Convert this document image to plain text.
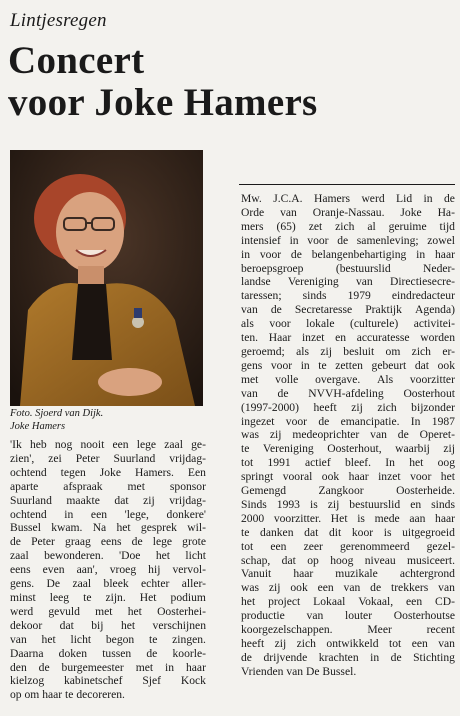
Lintjesregen
Concert
voor Joke Hamers
Foto. Sjoerd van Dijk.
Joke Hamers
'Ik heb nog nooit een lege zaal ge-
zien', zei Peter Suurland vrijdag-
ochtend tegen Joke Hamers. Een
aparte afspraak met sponsor
Suurland maakte dat zij vrijdag-
ochtend in een 'lege, donkere'
Bussel kwam. Na het gesprek wil-
de Peter graag eens de lege grote
zaal bewonderen. 'Doe het licht
eens even aan', vroeg hij vervol-
gens. De zaal bleek echter aller-
minst leeg te zijn. Het podium
werd gevuld met het Oosterhei-
dekoor dat bij het verschijnen
van het licht begon te zingen.
Daarna doken tussen de koorle-
den de burgemeester met in haar
kielzog kabinetschef Sjef Kock
op om haar te decoreren.
Mw. J.C.A. Hamers werd Lid in de
Orde van Oranje-Nassau. Joke Ha-
mers (65) zet zich al geruime tijd
intensief in voor de samenleving; zowel
in voor de belangenbehartiging in haar
beroepsgroep	(bestuurslid	Neder-
landse Vereniging van Directiesecre-
taressen; sinds 1979 eindredacteur
van de Secretaresse Praktijk Agenda)
als voor lokale (culturele) activitei-
ten. Haar inzet en accuratesse worden
geroemd; als zij besluit om zich er-
gens voor in te zetten gebeurt dat ook
met volle overgave. Als voorzitter
van de NVVH-afdeling Oosterhout
(1997-2000) heeft zij zich bijzonder
ingezet voor de emancipatie. In 1987
was zij medeoprichter van de Operet-
te Vereniging Oosterhout, waarbij zij
tot 1991 actief bleef. In het oog
springt vooral ook haar inzet voor het
Gemengd	Zangkoor	Oosterheide.
Sinds 1993 is zij bestuurslid en sinds
2000 voorzitter. Het is mede aan haar
te danken dat dit koor is uitgegroeid
tot een zeer gerenommeerd gezel-
schap, dat op hoog niveau musiceert.
Vanuit haar muzikale achtergrond
was zij ook een van de trekkers van
het project Lokaal Vokaal, een CD-
productie van louter Oosterhoutse
koorgezelschappen.	Meer	recent
heeft zij zich ontwikkeld tot een van
de drijvende krachten in de Stichting
Vrienden van De Bussel.
